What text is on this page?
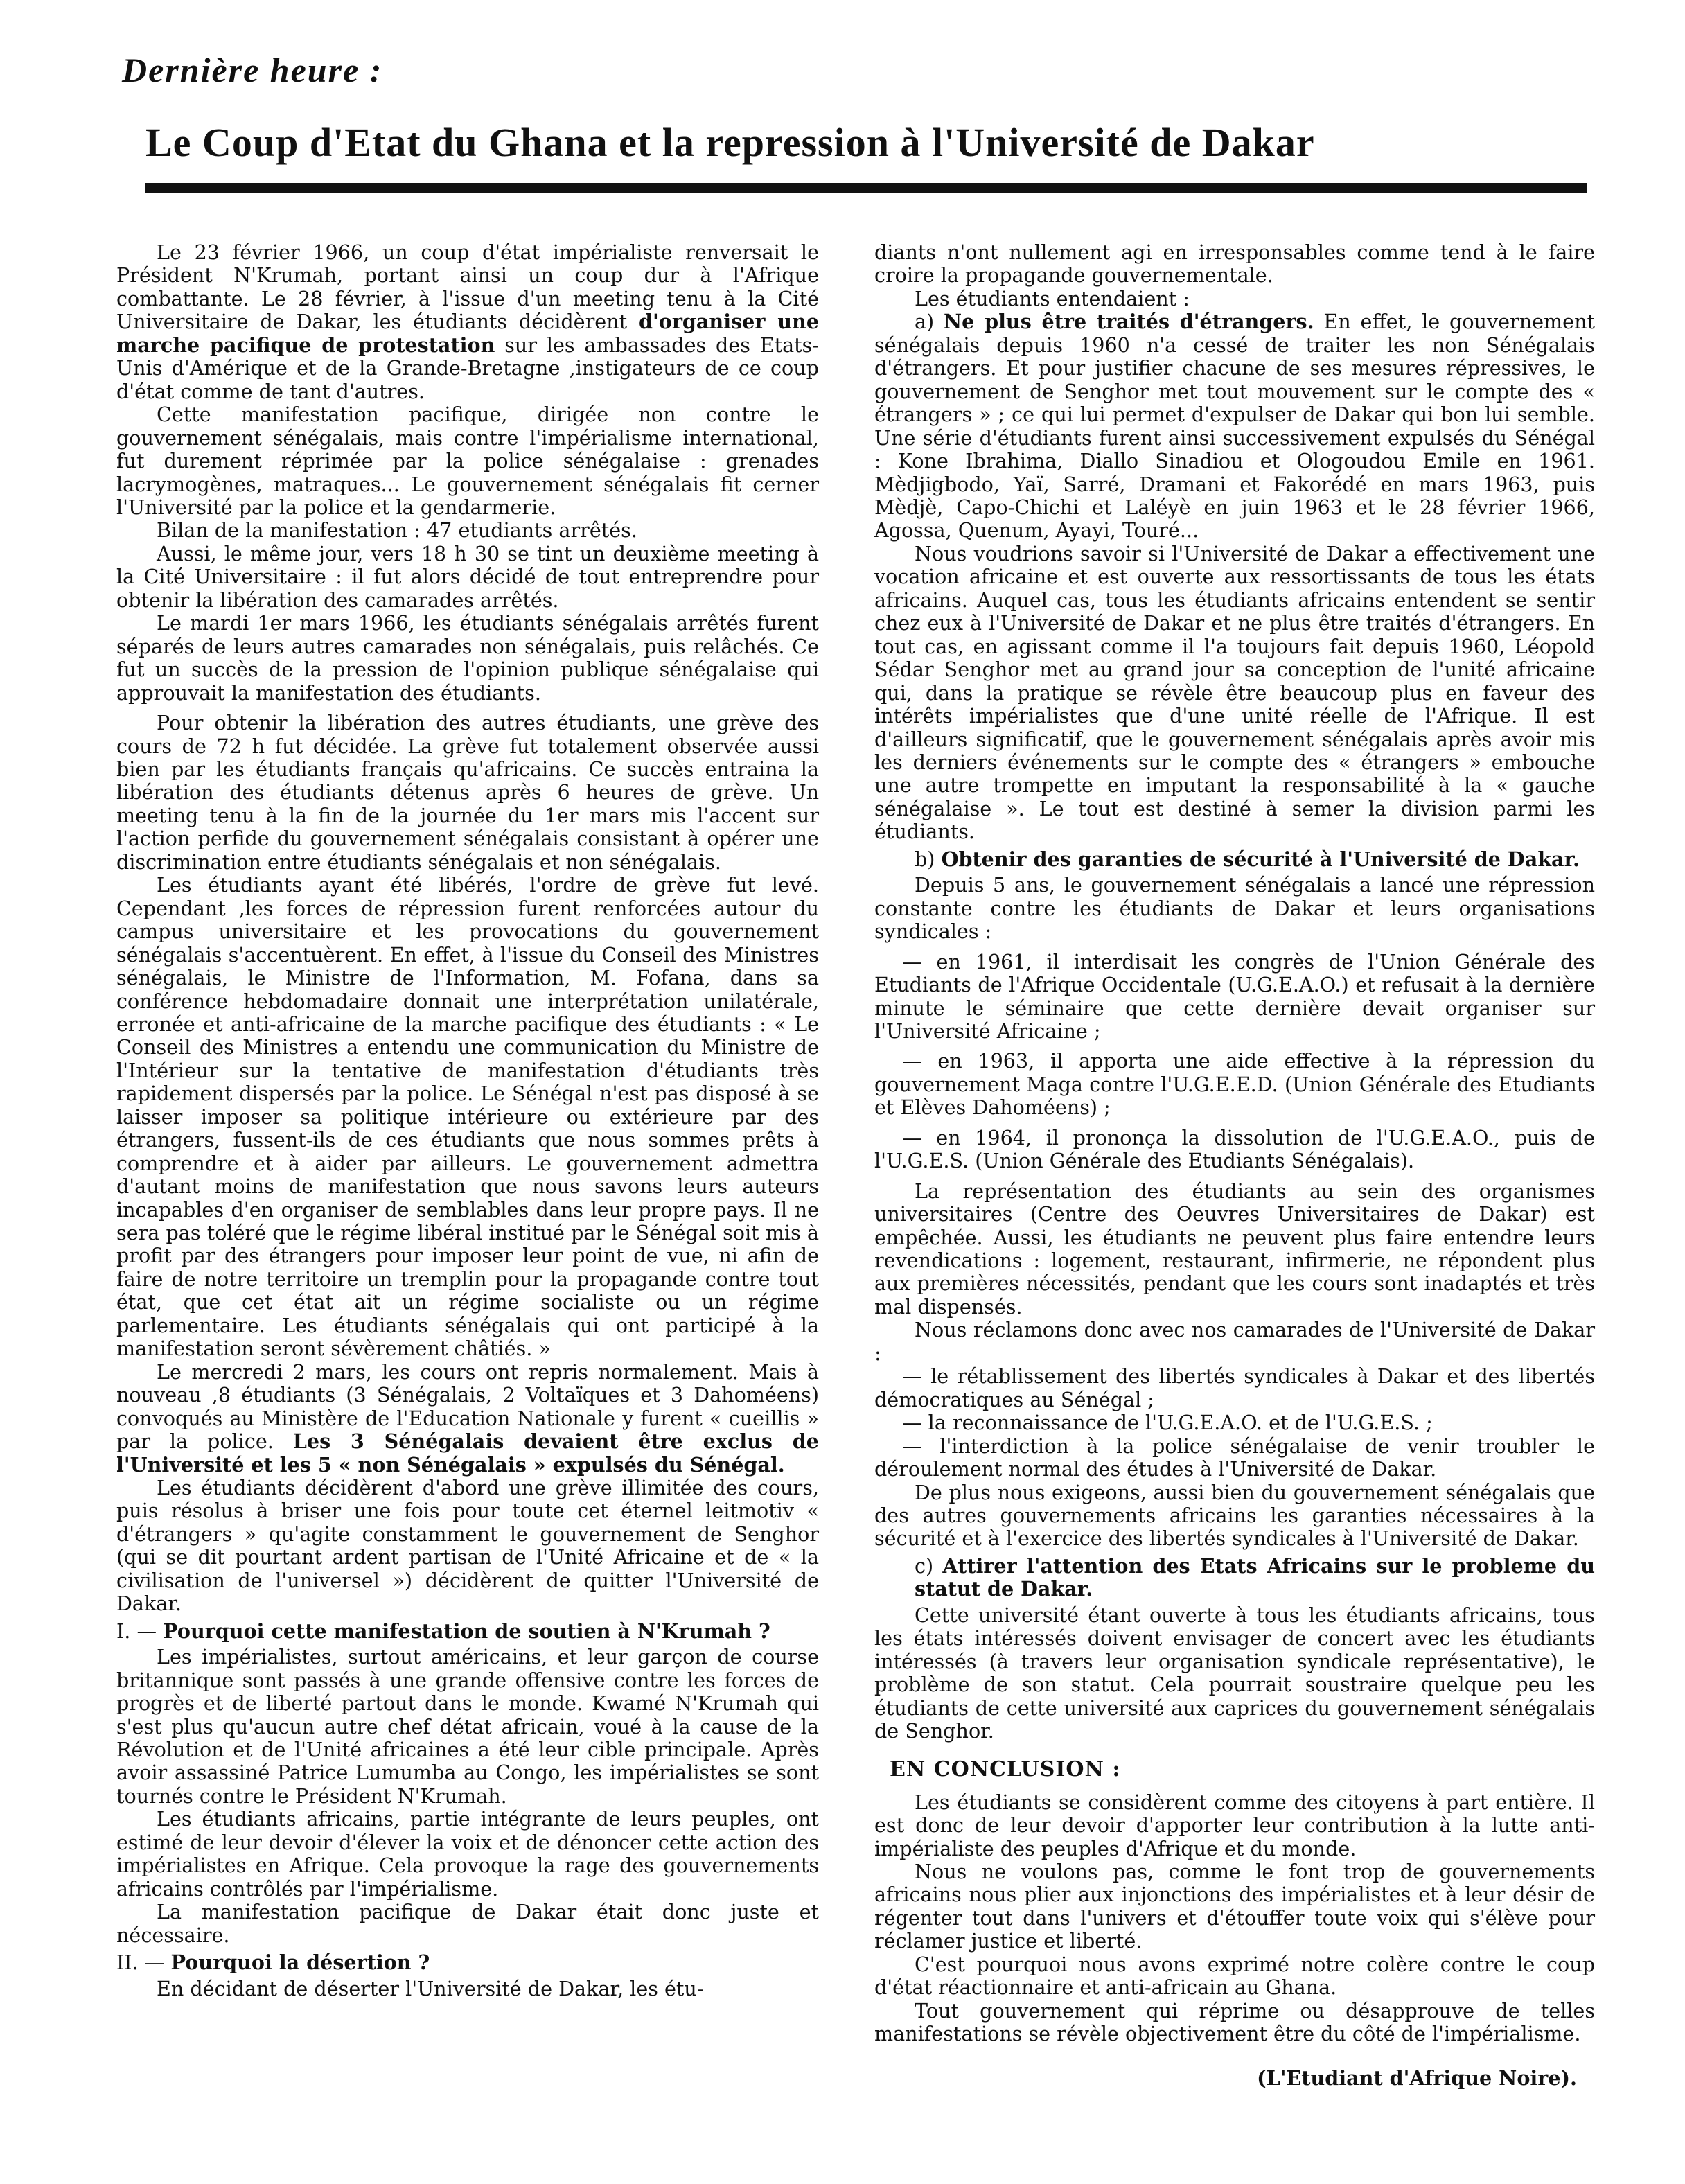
Dernière heure :

Le Coup d'Etat du Ghana et la repression à l'Université de Dakar

Le 23 février 1966, un coup d'état impérialiste renversait le Président N'Krumah, portant ainsi un coup dur à l'Afrique combattante. Le 28 février, à l'issue d'un meeting tenu à la Cité Universitaire de Dakar, les étudiants décidèrent d'organiser une marche pacifique de protestation sur les ambassades des Etats-Unis d'Amérique et de la Grande-Bretagne ,instigateurs de ce coup d'état comme de tant d'autres.

Cette manifestation pacifique, dirigée non contre le gouvernement sénégalais, mais contre l'impérialisme international, fut durement réprimée par la police sénégalaise : grenades lacrymogènes, matraques... Le gouvernement sénégalais fit cerner l'Université par la police et la gendarmerie.

Bilan de la manifestation : 47 etudiants arrêtés.

Aussi, le même jour, vers 18 h 30 se tint un deuxième meeting à la Cité Universitaire : il fut alors décidé de tout entreprendre pour obtenir la libération des camarades arrêtés.

Le mardi 1er mars 1966, les étudiants sénégalais arrêtés furent séparés de leurs autres camarades non sénégalais, puis relâchés. Ce fut un succès de la pression de l'opinion publique sénégalaise qui approuvait la manifestation des étudiants.

Pour obtenir la libération des autres étudiants, une grève des cours de 72 h fut décidée. La grève fut totalement observée aussi bien par les étudiants français qu'africains. Ce succès entraina la libération des étudiants détenus après 6 heures de grève. Un meeting tenu à la fin de la journée du 1er mars mis l'accent sur l'action perfide du gouvernement sénégalais consistant à opérer une discrimination entre étudiants sénégalais et non sénégalais.

Les étudiants ayant été libérés, l'ordre de grève fut levé. Cependant ,les forces de répression furent renforcées autour du campus universitaire et les provocations du gouvernement sénégalais s'accentuèrent. En effet, à l'issue du Conseil des Ministres sénégalais, le Ministre de l'Information, M. Fofana, dans sa conférence hebdomadaire donnait une interprétation unilatérale, erronée et anti-africaine de la marche pacifique des étudiants : « Le Conseil des Ministres a entendu une communication du Ministre de l'Intérieur sur la tentative de manifestation d'étudiants très rapidement dispersés par la police. Le Sénégal n'est pas disposé à se laisser imposer sa politique intérieure ou extérieure par des étrangers, fussent-ils de ces étudiants que nous sommes prêts à comprendre et à aider par ailleurs. Le gouvernement admettra d'autant moins de manifestation que nous savons leurs auteurs incapables d'en organiser de semblables dans leur propre pays. Il ne sera pas toléré que le régime libéral institué par le Sénégal soit mis à profit par des étrangers pour imposer leur point de vue, ni afin de faire de notre territoire un tremplin pour la propagande contre tout état, que cet état ait un régime socialiste ou un régime parlementaire. Les étudiants sénégalais qui ont participé à la manifestation seront sévèrement châtiés. »

Le mercredi 2 mars, les cours ont repris normalement. Mais à nouveau ,8 étudiants (3 Sénégalais, 2 Voltaïques et 3 Dahoméens) convoqués au Ministère de l'Education Nationale y furent « cueillis » par la police. Les 3 Sénégalais devaient être exclus de l'Université et les 5 « non Sénégalais » expulsés du Sénégal.

Les étudiants décidèrent d'abord une grève illimitée des cours, puis résolus à briser une fois pour toute cet éternel leitmotiv « d'étrangers » qu'agite constamment le gouvernement de Senghor (qui se dit pourtant ardent partisan de l'Unité Africaine et de « la civilisation de l'universel ») décidèrent de quitter l'Université de Dakar.

I. — Pourquoi cette manifestation de soutien à N'Krumah ?

Les impérialistes, surtout américains, et leur garçon de course britannique sont passés à une grande offensive contre les forces de progrès et de liberté partout dans le monde. Kwamé N'Krumah qui s'est plus qu'aucun autre chef détat africain, voué à la cause de la Révolution et de l'Unité africaines a été leur cible principale. Après avoir assassiné Patrice Lumumba au Congo, les impérialistes se sont tournés contre le Président N'Krumah.

Les étudiants africains, partie intégrante de leurs peuples, ont estimé de leur devoir d'élever la voix et de dénoncer cette action des impérialistes en Afrique. Cela provoque la rage des gouvernements africains contrôlés par l'impérialisme.

La manifestation pacifique de Dakar était donc juste et nécessaire.

II. — Pourquoi la désertion ?

En décidant de déserter l'Université de Dakar, les étu-

diants n'ont nullement agi en irresponsables comme tend à le faire croire la propagande gouvernementale.

Les étudiants entendaient :

a) Ne plus être traités d'étrangers. En effet, le gouvernement sénégalais depuis 1960 n'a cessé de traiter les non Sénégalais d'étrangers. Et pour justifier chacune de ses mesures répressives, le gouvernement de Senghor met tout mouvement sur le compte des « étrangers » ; ce qui lui permet d'expulser de Dakar qui bon lui semble. Une série d'étudiants furent ainsi successivement expulsés du Sénégal : Kone Ibrahima, Diallo Sinadiou et Ologoudou Emile en 1961. Mèdjigbodo, Yaï, Sarré, Dramani et Fakorédé en mars 1963, puis Mèdjè, Capo-Chichi et Laléyè en juin 1963 et le 28 février 1966, Agossa, Quenum, Ayayi, Touré...

Nous voudrions savoir si l'Université de Dakar a effectivement une vocation africaine et est ouverte aux ressortissants de tous les états africains. Auquel cas, tous les étudiants africains entendent se sentir chez eux à l'Université de Dakar et ne plus être traités d'étrangers. En tout cas, en agissant comme il l'a toujours fait depuis 1960, Léopold Sédar Senghor met au grand jour sa conception de l'unité africaine qui, dans la pratique se révèle être beaucoup plus en faveur des intérêts impérialistes que d'une unité réelle de l'Afrique. Il est d'ailleurs significatif, que le gouvernement sénégalais après avoir mis les derniers événements sur le compte des « étrangers » embouche une autre trompette en imputant la responsabilité à la « gauche sénégalaise ». Le tout est destiné à semer la division parmi les étudiants.

b) Obtenir des garanties de sécurité à l'Université de Dakar.

Depuis 5 ans, le gouvernement sénégalais a lancé une répression constante contre les étudiants de Dakar et leurs organisations syndicales :

— en 1961, il interdisait les congrès de l'Union Générale des Etudiants de l'Afrique Occidentale (U.G.E.A.O.) et refusait à la dernière minute le séminaire que cette dernière devait organiser sur l'Université Africaine ;

— en 1963, il apporta une aide effective à la répression du gouvernement Maga contre l'U.G.E.E.D. (Union Générale des Etudiants et Elèves Dahoméens) ;

— en 1964, il prononça la dissolution de l'U.G.E.A.O., puis de l'U.G.E.S. (Union Générale des Etudiants Sénégalais).

La représentation des étudiants au sein des organismes universitaires (Centre des Oeuvres Universitaires de Dakar) est empêchée. Aussi, les étudiants ne peuvent plus faire entendre leurs revendications : logement, restaurant, infirmerie, ne répondent plus aux premières nécessités, pendant que les cours sont inadaptés et très mal dispensés.

Nous réclamons donc avec nos camarades de l'Université de Dakar :

— le rétablissement des libertés syndicales à Dakar et des libertés démocratiques au Sénégal ;

— la reconnaissance de l'U.G.E.A.O. et de l'U.G.E.S. ;

— l'interdiction à la police sénégalaise de venir troubler le déroulement normal des études à l'Université de Dakar.

De plus nous exigeons, aussi bien du gouvernement sénégalais que des autres gouvernements africains les garanties nécessaires à la sécurité et à l'exercice des libertés syndicales à l'Université de Dakar.

c) Attirer l'attention des Etats Africains sur le probleme du statut de Dakar.

Cette université étant ouverte à tous les étudiants africains, tous les états intéressés doivent envisager de concert avec les étudiants intéressés (à travers leur organisation syndicale représentative), le problème de son statut. Cela pourrait soustraire quelque peu les étudiants de cette université aux caprices du gouvernement sénégalais de Senghor.

EN CONCLUSION :

Les étudiants se considèrent comme des citoyens à part entière. Il est donc de leur devoir d'apporter leur contribution à la lutte anti-impérialiste des peuples d'Afrique et du monde.

Nous ne voulons pas, comme le font trop de gouvernements africains nous plier aux injonctions des impérialistes et à leur désir de régenter tout dans l'univers et d'étouffer toute voix qui s'élève pour réclamer justice et liberté.

C'est pourquoi nous avons exprimé notre colère contre le coup d'état réactionnaire et anti-africain au Ghana.

Tout gouvernement qui réprime ou désapprouve de telles manifestations se révèle objectivement être du côté de l'impérialisme.

(L'Etudiant d'Afrique Noire).
